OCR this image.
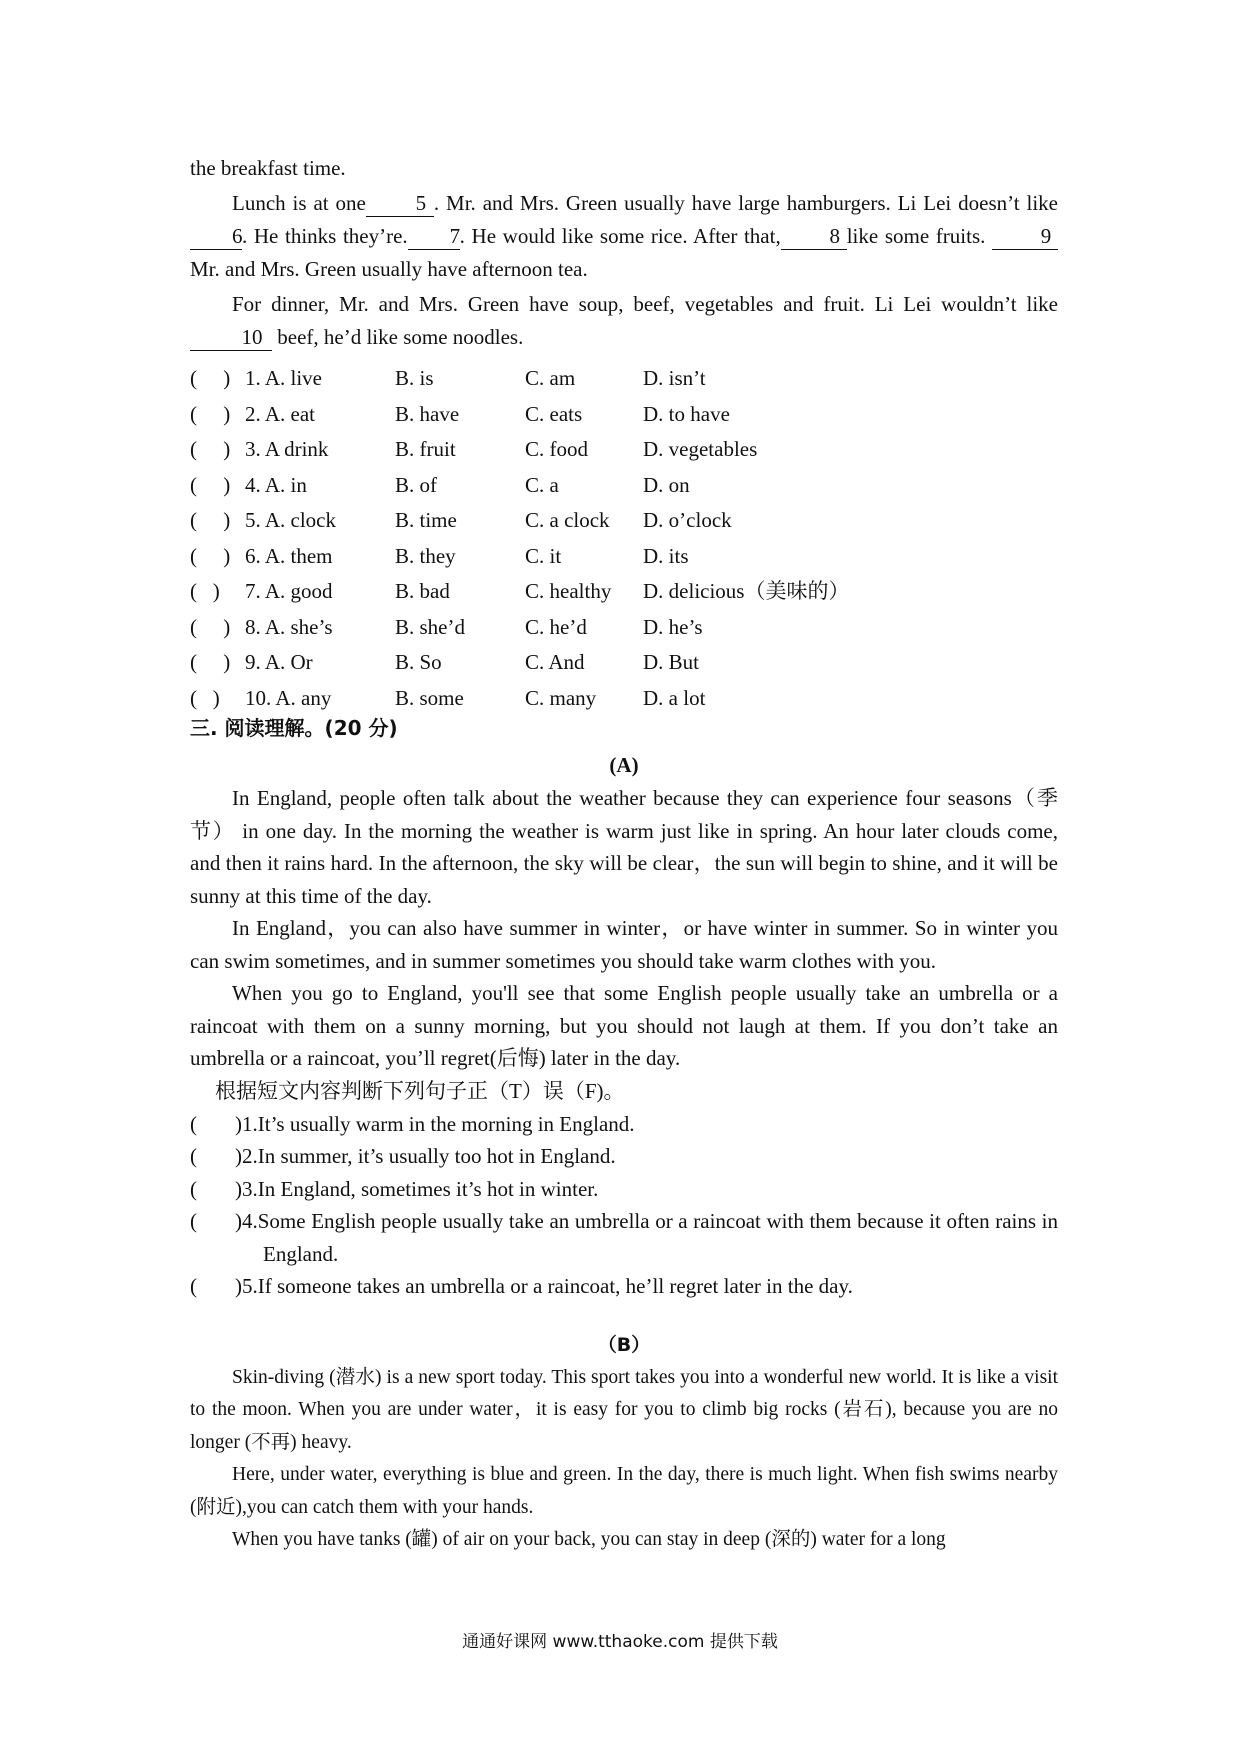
the breakfast time.

Lunch is at one 5 . Mr. and Mrs. Green usually have large hamburgers. Li Lei doesn’t like6. He thinks they’re. 7. He would like some rice. After that, 8 like some fruits.	9 Mr. and Mrs. Green usually have afternoon tea.

For dinner, Mr. and Mrs. Green have soup, beef, vegetables and fruit. Li Lei wouldn’t like 10 beef, he’d like some noodles.

(     ) 1. A. live	B. is	C. am	D. isn’t
(     ) 2. A. eat	B. have	C. eats	D. to have
(     ) 3. A drink	B. fruit	C. food	D. vegetables
(     ) 4. A. in	B. of	C. a	D. on
(     ) 5. A. clock	B. time	C. a clock	D. o’clock
(     ) 6. A. them	B. they	C. it	D. its
(   )	7. A. good	B. bad	C. healthy	D. delicious（美味的）
(     ) 8. A. she’s	B. she’d	C. he’d	D. he’s
(     ) 9. A. Or	B. So	C. And	D. But
(   )	10. A. any	B. some	C. many	D. a lot
三. 阅读理解。(20 分)
(A)

In England, people often talk about the weather because they can experience four seasons（季节） in one day. In the morning the weather is warm just like in spring. An hour later clouds come, and then it rains hard. In the afternoon, the sky will be clear，the sun will begin to shine, and it will be sunny at this time of the day.

In England，you can also have summer in winter，or have winter in summer. So in winter you can swim sometimes, and in summer sometimes you should take warm clothes with you.

When you go to England, you'll see that some English people usually take an umbrella or a raincoat with them on a sunny morning, but you should not laugh at them. If you don’t take an umbrella or a raincoat, you’ll regret(后悔) later in the day.

根据短文内容判断下列句子正（T）误（F)。
(	)1.It’s usually warm in the morning in England.
(	)2.In summer, it’s usually too hot in England.
(	)3.In England, sometimes it’s hot in winter.
(	)4.Some English people usually take an umbrella or a raincoat with them because it often rains in England.
(	)5.If someone takes an umbrella or a raincoat, he’ll regret later in the day.
（B）

Skin-diving (潜水) is a new sport today. This sport takes you into a wonderful new world. It is like a visit to the moon. When you are under water，it is easy for you to climb big rocks (岩石), because you are no longer (不再) heavy.

Here, under water, everything is blue and green. In the day, there is much light. When fish swims nearby (附近),you can catch them with your hands.

When you have tanks (罐) of air on your back, you can stay in deep (深的) water for a long

通通好课网 www.tthaoke.com 提供下载
